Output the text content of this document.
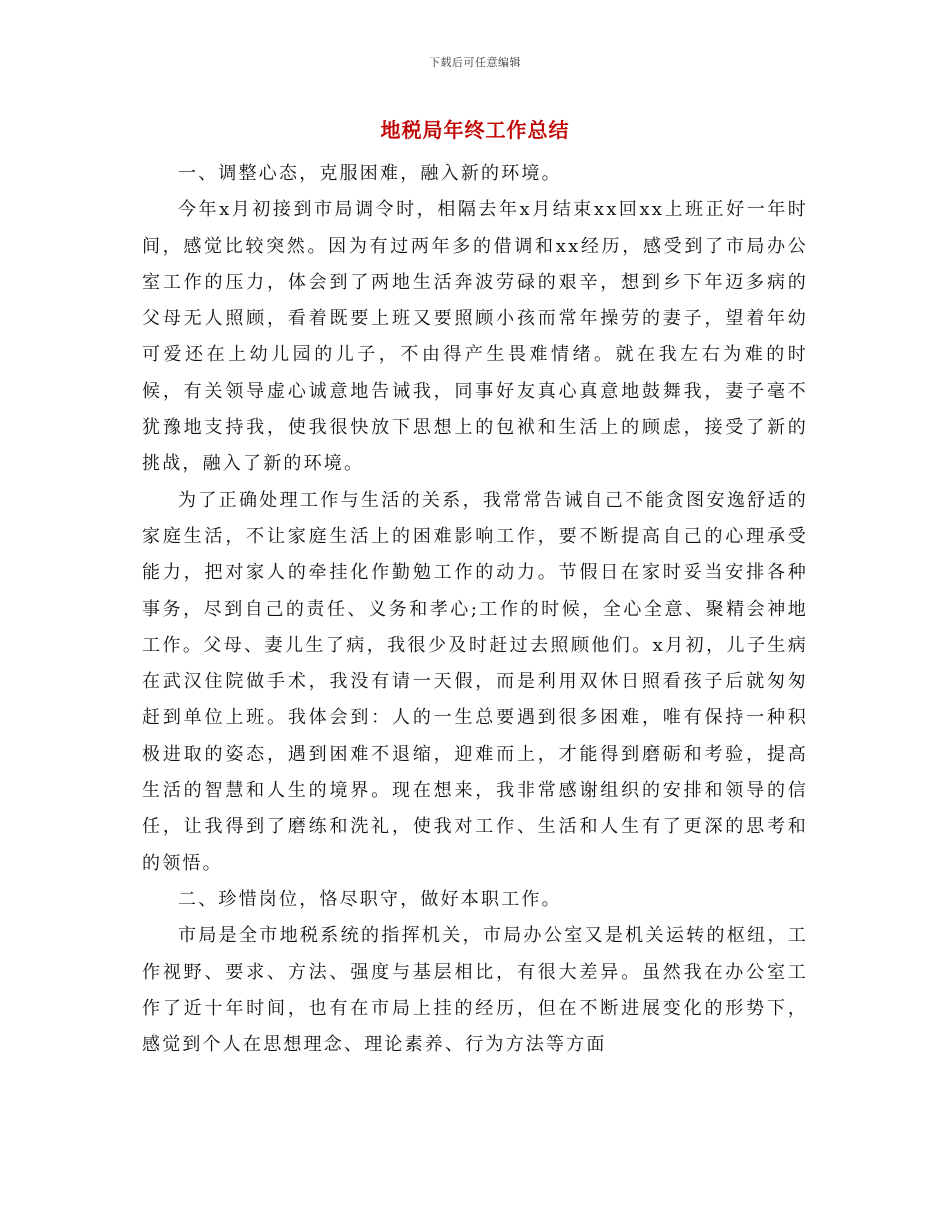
下载后可任意编辑
地税局年终工作总结

一、调整心态，克服困难，融入新的环境。

今年x月初接到市局调令时，相隔去年x月结束xx回xx上班正好一年时间，感觉比较突然。因为有过两年多的借调和xx经历，感受到了市局办公室工作的压力，体会到了两地生活奔波劳碌的艰辛，想到乡下年迈多病的父母无人照顾，看着既要上班又要照顾小孩而常年操劳的妻子，望着年幼可爱还在上幼儿园的儿子，不由得产生畏难情绪。就在我左右为难的时候，有关领导虚心诚意地告诫我，同事好友真心真意地鼓舞我，妻子毫不犹豫地支持我，使我很快放下思想上的包袱和生活上的顾虑，接受了新的挑战，融入了新的环境。

为了正确处理工作与生活的关系，我常常告诫自己不能贪图安逸舒适的家庭生活，不让家庭生活上的困难影响工作，要不断提高自己的心理承受能力，把对家人的牵挂化作勤勉工作的动力。节假日在家时妥当安排各种事务，尽到自己的责任、义务和孝心;工作的时候，全心全意、聚精会神地工作。父母、妻儿生了病，我很少及时赶过去照顾他们。x月初，儿子生病在武汉住院做手术，我没有请一天假，而是利用双休日照看孩子后就匆匆赶到单位上班。我体会到：人的一生总要遇到很多困难，唯有保持一种积极进取的姿态，遇到困难不退缩，迎难而上，才能得到磨砺和考验，提高生活的智慧和人生的境界。现在想来，我非常感谢组织的安排和领导的信任，让我得到了磨练和洗礼，使我对工作、生活和人生有了更深的思考和的领悟。

二、珍惜岗位，恪尽职守，做好本职工作。

市局是全市地税系统的指挥机关，市局办公室又是机关运转的枢纽，工作视野、要求、方法、强度与基层相比，有很大差异。虽然我在办公室工作了近十年时间，也有在市局上挂的经历，但在不断进展变化的形势下，感觉到个人在思想理念、理论素养、行为方法等方面
